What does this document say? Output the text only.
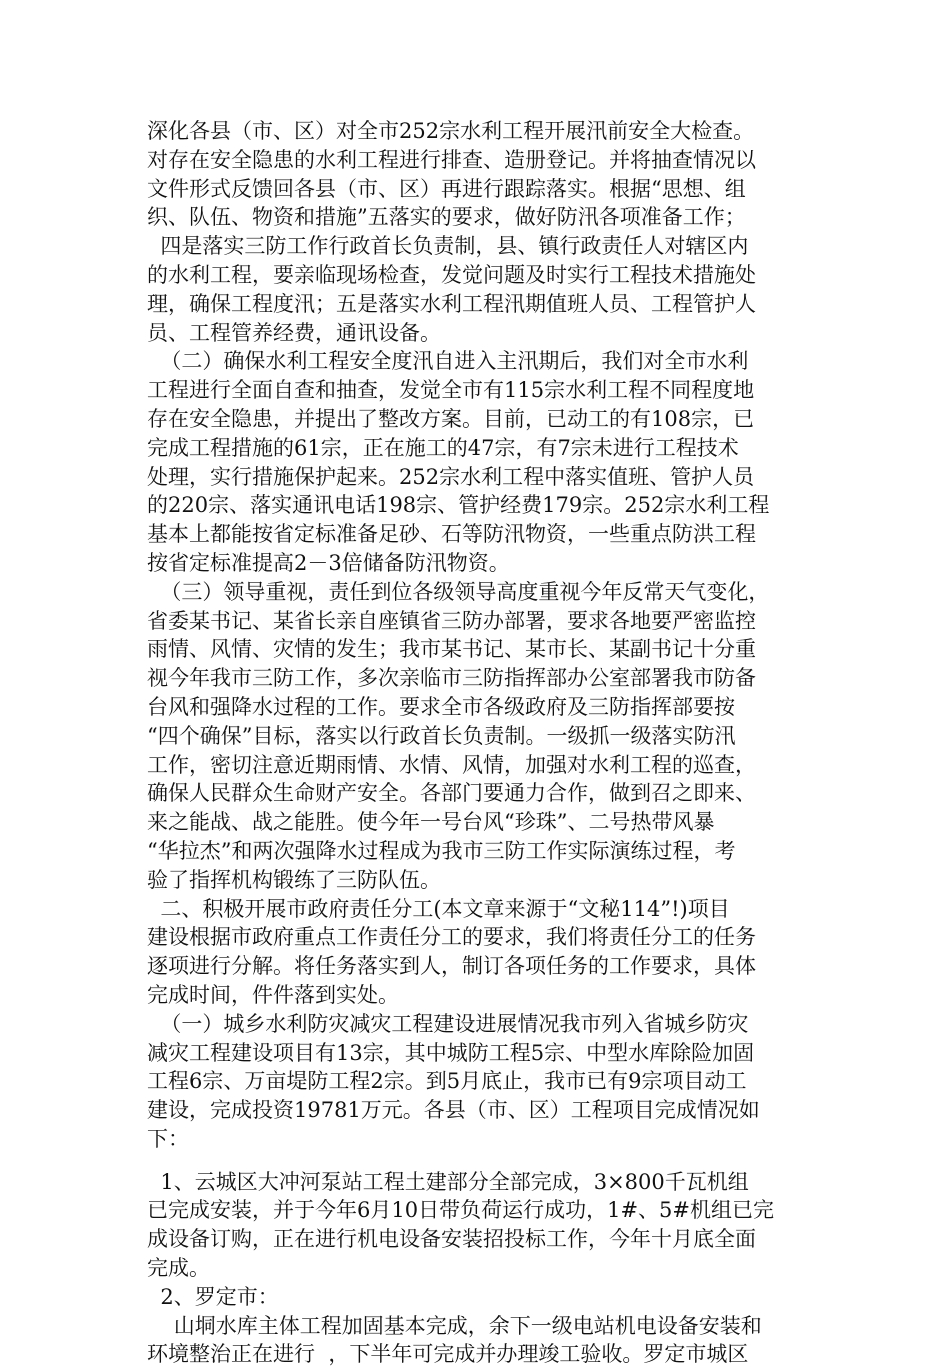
深化各县（市、区）对全市252宗水利工程开展汛前安全大检查。
对存在安全隐患的水利工程进行排查、造册登记。并将抽查情况以
文件形式反馈回各县（市、区）再进行跟踪落实。根据“思想、组
织、队伍、物资和措施”五落实的要求，做好防汛各项准备工作；
四是落实三防工作行政首长负责制，县、镇行政责任人对辖区内
的水利工程，要亲临现场检查，发觉问题及时实行工程技术措施处
理，确保工程度汛；五是落实水利工程汛期值班人员、工程管护人
员、工程管养经费，通讯设备。
（二）确保水利工程安全度汛自进入主汛期后，我们对全市水利
工程进行全面自查和抽查，发觉全市有115宗水利工程不同程度地
存在安全隐患，并提出了整改方案。目前，已动工的有108宗，已
完成工程措施的61宗，正在施工的47宗，有7宗未进行工程技术
处理，实行措施保护起来。252宗水利工程中落实值班、管护人员
的220宗、落实通讯电话198宗、管护经费179宗。252宗水利工程
基本上都能按省定标准备足砂、石等防汛物资，一些重点防洪工程
按省定标准提高2－3倍储备防汛物资。
（三）领导重视，责任到位各级领导高度重视今年反常天气变化，
省委某书记、某省长亲自座镇省三防办部署，要求各地要严密监控
雨情、风情、灾情的发生；我市某书记、某市长、某副书记十分重
视今年我市三防工作，多次亲临市三防指挥部办公室部署我市防备
台风和强降水过程的工作。要求全市各级政府及三防指挥部要按
“四个确保”目标，落实以行政首长负责制。一级抓一级落实防汛
工作，密切注意近期雨情、水情、风情，加强对水利工程的巡查，
确保人民群众生命财产安全。各部门要通力合作，做到召之即来、
来之能战、战之能胜。使今年一号台风“珍珠”、二号热带风暴
“华拉杰”和两次强降水过程成为我市三防工作实际演练过程，考
验了指挥机构锻练了三防队伍。
二、积极开展市政府责任分工(本文章来源于“文秘114”!)项目
建设根据市政府重点工作责任分工的要求，我们将责任分工的任务
逐项进行分解。将任务落实到人，制订各项任务的工作要求，具体
完成时间，件件落到实处。
（一）城乡水利防灾减灾工程建设进展情况我市列入省城乡防灾
减灾工程建设项目有13宗，其中城防工程5宗、中型水库除险加固
工程6宗、万亩堤防工程2宗。到5月底止，我市已有9宗项目动工
建设，完成投资19781万元。各县（市、区）工程项目完成情况如
下：
1、云城区大冲河泵站工程土建部分全部完成，3×800千瓦机组
已完成安装，并于今年6月10日带负荷运行成功，1#、5#机组已完
成设备订购，正在进行机电设备安装招投标工作，今年十月底全面
完成。
2、罗定市：
山垌水库主体工程加固基本完成，余下一级电站机电设备安装和
环境整治正在进行  ，下半年可完成并办理竣工验收。罗定市城区
